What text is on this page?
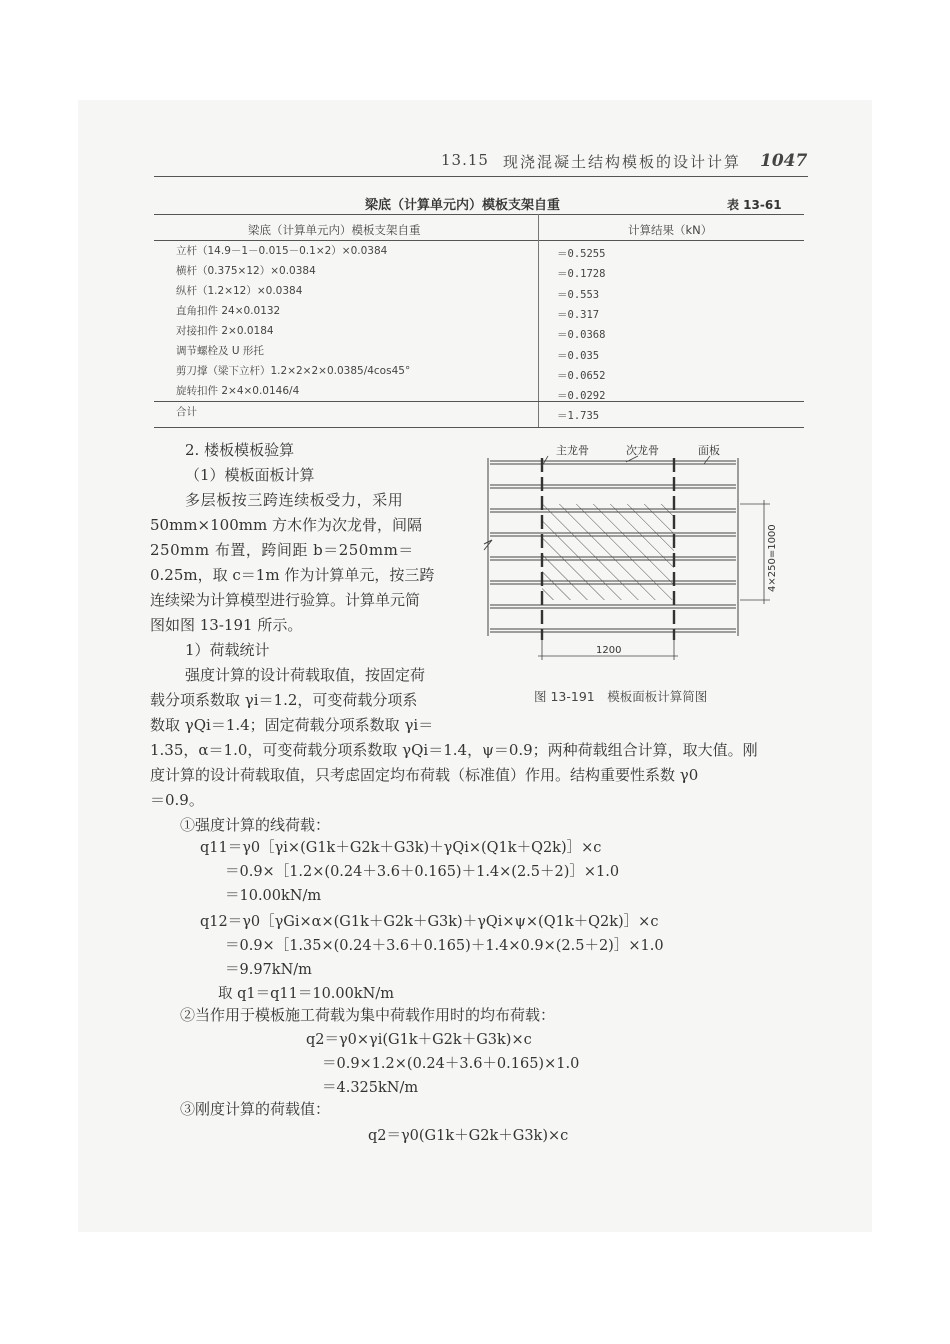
13.15 现浇混凝土结构模板的设计计算 1047
梁底（计算单元内）模板支架自重	表 13-61
梁底（计算单元内）模板支架自重	计算结果（kN）
立杆（14.9－1－0.015－0.1×2）×0.0384	＝0.5255
横杆（0.375×12）×0.0384	＝0.1728
纵杆（1.2×12）×0.0384	＝0.553
直角扣件 24×0.0132	＝0.317
对接扣件 2×0.0184	＝0.0368
调节螺栓及 U 形托	＝0.035
剪刀撑（梁下立杆）1.2×2×2×0.0385/4cos45°	＝0.0652
旋转扣件 2×4×0.0146/4	＝0.0292
合计	＝1.735
2. 楼板模板验算
（1）模板面板计算
多层板按三跨连续板受力，采用
50mm×100mm 方木作为次龙骨，间隔
250mm 布置，跨间距 b＝250mm＝
0.25m，取 c＝1m 作为计算单元，按三跨
连续梁为计算模型进行验算。计算单元简
图如图 13-191 所示。
1）荷载统计
强度计算的设计荷载取值，按固定荷
载分项系数取 γi＝1.2，可变荷载分项系
数取 γQi＝1.4；固定荷载分项系数取 γi＝
1.35，α＝1.0，可变荷载分项系数取 γQi＝1.4，ψ＝0.9；两种荷载组合计算，取大值。刚
度计算的设计荷载取值，只考虑固定均布荷载（标准值）作用。结构重要性系数 γ0
＝0.9。
①强度计算的线荷载：
q11＝γ0［γi×(G1k＋G2k＋G3k)＋γQi×(Q1k＋Q2k)］×c
＝0.9×［1.2×(0.24＋3.6＋0.165)＋1.4×(2.5＋2)］×1.0
＝10.00kN/m
q12＝γ0［γGi×α×(G1k＋G2k＋G3k)＋γQi×ψ×(Q1k＋Q2k)］×c
＝0.9×［1.35×(0.24＋3.6＋0.165)＋1.4×0.9×(2.5＋2)］×1.0
＝9.97kN/m
取 q1＝q11＝10.00kN/m
②当作用于模板施工荷载为集中荷载作用时的均布荷载：
q2＝γ0×γi(G1k＋G2k＋G3k)×c
＝0.9×1.2×(0.24＋3.6＋0.165)×1.0
＝4.325kN/m
③刚度计算的荷载值：
q2＝γ0(G1k＋G2k＋G3k)×c
主龙骨	次龙骨	面板
4×250=1000
1200
图 13-191　模板面板计算简图
